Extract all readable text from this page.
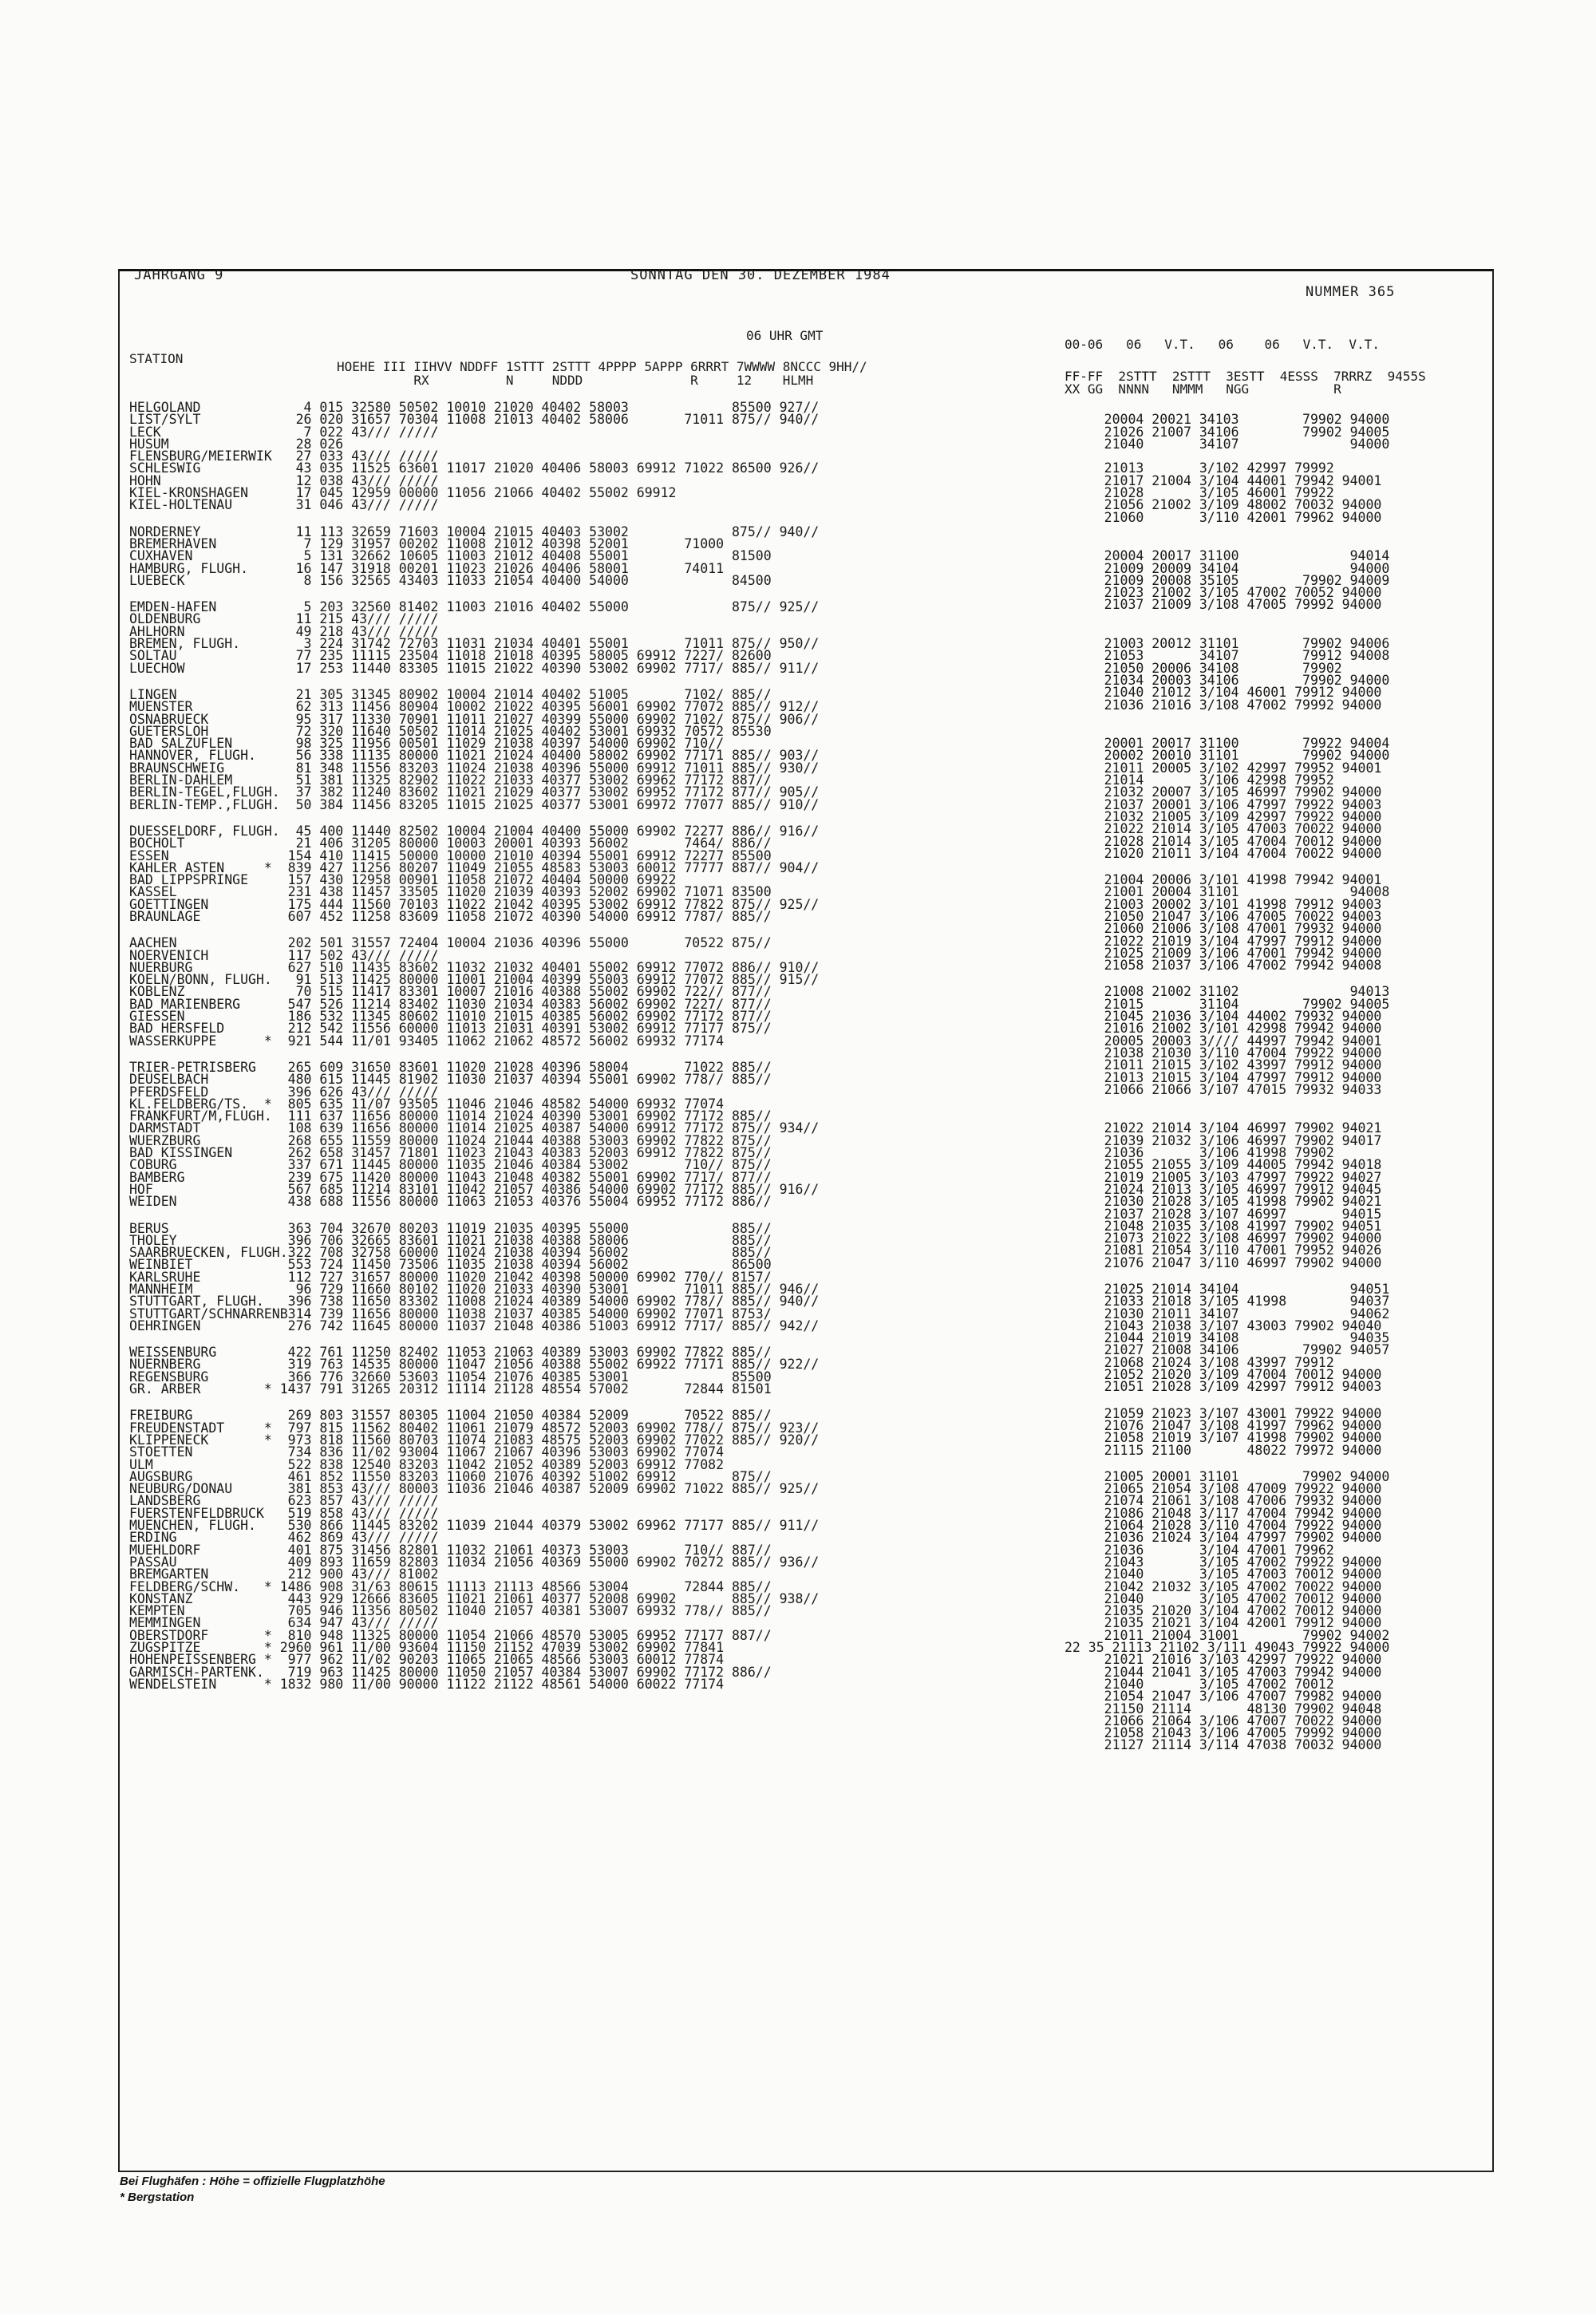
JAHRGANG 9	SONNTAG DEN 30. DEZEMBER 1984
NUMMER 365
06 UHR GMT
STATION
HOEHE III IIHVV NDDFF 1STTT 2STTT 4PPPP 5APPP 6RRRT 7WWWW 8NCCC 9HH//
RX          N     NDDD              R     12    HLMH
00-06   06   V.T.   06    06   V.T.  V.T.
FF-FF  2STTT  2STTT  3ESTT  4ESSS  7RRRZ  9455S
XX GG  NNNN   NMMM   NGG           R
HELGOLAND             4 015 32580 50502 10010 21020 40402 58003             85500 927//
LIST/SYLT            26 020 31657 70304 11008 21013 40402 58006       71011 875// 940//
LECK                  7 022 43/// /////
HUSUM                28 026
FLENSBURG/MEIERWIK   27 033 43/// /////
SCHLESWIG            43 035 11525 63601 11017 21020 40406 58003 69912 71022 86500 926//
HOHN                 12 038 43/// /////
KIEL-KRONSHAGEN      17 045 12959 00000 11056 21066 40402 55002 69912
KIEL-HOLTENAU        31 046 43/// /////
NORDERNEY            11 113 32659 71603 10004 21015 40403 53002             875// 940//
BREMERHAVEN           7 129 31957 00202 11008 21012 40398 52001       71000
CUXHAVEN              5 131 32662 10605 11003 21012 40408 55001             81500
HAMBURG, FLUGH.      16 147 31918 00201 11023 21026 40406 58001       74011
LUEBECK               8 156 32565 43403 11033 21054 40400 54000             84500
EMDEN-HAFEN           5 203 32560 81402 11003 21016 40402 55000             875// 925//
OLDENBURG            11 215 43/// /////
AHLHORN              49 218 43/// /////
BREMEN, FLUGH.        3 224 31742 72703 11031 21034 40401 55001       71011 875// 950//
SOLTAU               77 235 11115 23504 11018 21018 40395 58005 69912 7227/ 82600
LUECHOW              17 253 11440 83305 11015 21022 40390 53002 69902 7717/ 885// 911//
LINGEN               21 305 31345 80902 10004 21014 40402 51005       7102/ 885//
MUENSTER             62 313 11456 80904 10002 21022 40395 56001 69902 77072 885// 912//
OSNABRUECK           95 317 11330 70901 11011 21027 40399 55000 69902 7102/ 875// 906//
GUETERSLOH           72 320 11640 50502 11014 21025 40402 53001 69932 70572 85530
BAD SALZUFLEN        98 325 11956 00501 11029 21038 40397 54000 69902 710//
HANNOVER, FLUGH.     56 338 11135 80000 11021 21024 40400 58002 69902 77171 885// 903//
BRAUNSCHWEIG         81 348 11556 83203 11024 21038 40396 55000 69912 71011 885// 930//
BERLIN-DAHLEM        51 381 11325 82902 11022 21033 40377 53002 69962 77172 887//
BERLIN-TEGEL,FLUGH.  37 382 11240 83602 11021 21029 40377 53002 69952 77172 877// 905//
BERLIN-TEMP.,FLUGH.  50 384 11456 83205 11015 21025 40377 53001 69972 77077 885// 910//
DUESSELDORF, FLUGH.  45 400 11440 82502 10004 21004 40400 55000 69902 72277 886// 916//
BOCHOLT              21 406 31205 80000 10003 20001 40393 56002       7464/ 886//
ESSEN               154 410 11415 50000 10000 21010 40394 55001 69912 72277 85500
KAHLER ASTEN     *  839 427 11256 80207 11049 21055 48583 53003 60012 77777 887// 904//
BAD LIPPSPRINGE     157 430 12958 00901 11058 21072 40404 50000 69922
KASSEL              231 438 11457 33505 11020 21039 40393 52002 69902 71071 83500
GOETTINGEN          175 444 11560 70103 11022 21042 40395 53002 69912 77822 875// 925//
BRAUNLAGE           607 452 11258 83609 11058 21072 40390 54000 69912 7787/ 885//
AACHEN              202 501 31557 72404 10004 21036 40396 55000       70522 875//
NOERVENICH          117 502 43/// /////
NUERBURG            627 510 11435 83602 11032 21032 40401 55002 69912 77072 886// 910//
KOELN/BONN, FLUGH.   91 513 11425 80000 11001 21004 40399 55003 69912 77072 885// 915//
KOBLENZ              70 515 11417 83301 10007 21016 40388 55002 69902 722// 877//
BAD MARIENBERG      547 526 11214 83402 11030 21034 40383 56002 69902 7227/ 877//
GIESSEN             186 532 11345 80602 11010 21015 40385 56002 69902 77172 877//
BAD HERSFELD        212 542 11556 60000 11013 21031 40391 53002 69912 77177 875//
WASSERKUPPE      *  921 544 11/01 93405 11062 21062 48572 56002 69932 77174
TRIER-PETRISBERG    265 609 31650 83601 11020 21028 40396 58004       71022 885//
DEUSELBACH          480 615 11445 81902 11030 21037 40394 55001 69902 778// 885//
PFERDSFELD          396 626 43/// /////
KL.FELDBERG/TS.  *  805 635 11/07 93505 11046 21046 48582 54000 69932 77074
FRANKFURT/M,FLUGH.  111 637 11656 80000 11014 21024 40390 53001 69902 77172 885//
DARMSTADT           108 639 11656 80000 11014 21025 40387 54000 69912 77172 875// 934//
WUERZBURG           268 655 11559 80000 11024 21044 40388 53003 69902 77822 875//
BAD KISSINGEN       262 658 31457 71801 11023 21043 40383 52003 69912 77822 875//
COBURG              337 671 11445 80000 11035 21046 40384 53002       710// 875//
BAMBERG             239 675 11420 80000 11043 21048 40382 55001 69902 7717/ 877//
HOF                 567 685 11214 83101 11042 21057 40386 54000 69902 77172 885// 916//
WEIDEN              438 688 11556 80000 11063 21053 40376 55004 69952 77172 886//
BERUS               363 704 32670 80203 11019 21035 40395 55000             885//
THOLEY              396 706 32665 83601 11021 21038 40388 58006             885//
SAARBRUECKEN, FLUGH.322 708 32758 60000 11024 21038 40394 56002             885//
WEINBIET            553 724 11450 73506 11035 21038 40394 56002             86500
KARLSRUHE           112 727 31657 80000 11020 21042 40398 50000 69902 770// 8157/
MANNHEIM             96 729 11660 80102 11020 21033 40390 53001       71011 885// 946//
STUTTGART, FLUGH.   396 738 11650 83302 11008 21024 40389 54000 69902 778// 885// 940//
STUTTGART/SCHNARRENB314 739 11656 80000 11038 21037 40385 54000 69902 77071 8753/
OEHRINGEN           276 742 11645 80000 11037 21048 40386 51003 69912 7717/ 885// 942//
WEISSENBURG         422 761 11250 82402 11053 21063 40389 53003 69902 77822 885//
NUERNBERG           319 763 14535 80000 11047 21056 40388 55002 69922 77171 885// 922//
REGENSBURG          366 776 32660 53603 11054 21076 40385 53001             85500
GR. ARBER        * 1437 791 31265 20312 11114 21128 48554 57002       72844 81501
FREIBURG            269 803 31557 80305 11004 21050 40384 52009       70522 885//
FREUDENSTADT     *  797 815 11562 80402 11061 21079 48572 52003 69902 778// 875// 923//
KLIPPENECK       *  973 818 11560 80703 11074 21083 48575 52003 69902 77022 885// 920//
STOETTEN            734 836 11/02 93004 11067 21067 40396 53003 69902 77074
ULM                 522 838 12540 83203 11042 21052 40389 52003 69912 77082
AUGSBURG            461 852 11550 83203 11060 21076 40392 51002 69912       875//
NEUBURG/DONAU       381 853 43/// 80003 11036 21046 40387 52009 69902 71022 885// 925//
LANDSBERG           623 857 43/// /////
FUERSTENFELDBRUCK   519 858 43/// /////
MUENCHEN, FLUGH.    530 866 11445 83202 11039 21044 40379 53002 69962 77177 885// 911//
ERDING              462 869 43/// /////
MUEHLDORF           401 875 31456 82801 11032 21061 40373 53003       710// 887//
PASSAU              409 893 11659 82803 11034 21056 40369 55000 69902 70272 885// 936//
BREMGARTEN          212 900 43/// 81002
FELDBERG/SCHW.   * 1486 908 31/63 80615 11113 21113 48566 53004       72844 885//
KONSTANZ            443 929 12666 83605 11021 21061 40377 52008 69902       885// 938//
KEMPTEN             705 946 11356 80502 11040 21057 40381 53007 69932 778// 885//
MEMMINGEN           634 947 43/// /////
OBERSTDORF       *  810 948 11325 80000 11054 21066 48570 53005 69952 77177 887//
ZUGSPITZE        * 2960 961 11/00 93604 11150 21152 47039 53002 69902 77841
HOHENPEISSENBERG *  977 962 11/02 90203 11065 21065 48566 53003 60012 77874
GARMISCH-PARTENK.   719 963 11425 80000 11050 21057 40384 53007 69902 77172 886//
WENDELSTEIN      * 1832 980 11/00 90000 11122 21122 48561 54000 60022 77174
20004 20021 34103        79902 94000
21026 21007 34106        79902 94005
21040       34107              94000
21013       3/102 42997 79992
21017 21004 3/104 44001 79942 94001
21028       3/105 46001 79922
21056 21002 3/109 48002 70032 94000
21060       3/110 42001 79962 94000
20004 20017 31100              94014
21009 20009 34104              94000
21009 20008 35105        79902 94009
21023 21002 3/105 47002 70052 94000
21037 21009 3/108 47005 79992 94000
21003 20012 31101        79902 94006
21053       34107        79912 94008
21050 20006 34108        79902
21034 20003 34106        79902 94000
21040 21012 3/104 46001 79912 94000
21036 21016 3/108 47002 79992 94000
20001 20017 31100        79922 94004
20002 20010 31101        79902 94000
21011 20005 3/102 42997 79952 94001
21014       3/106 42998 79952
21032 20007 3/105 46997 79902 94000
21037 20001 3/106 47997 79922 94003
21032 21005 3/109 42997 79922 94000
21022 21014 3/105 47003 70022 94000
21028 21014 3/105 47004 70012 94000
21020 21011 3/104 47004 70022 94000
21004 20006 3/101 41998 79942 94001
21001 20004 31101              94008
21003 20002 3/101 41998 79912 94003
21050 21047 3/106 47005 70022 94003
21060 21006 3/108 47001 79932 94000
21022 21019 3/104 47997 79912 94000
21025 21009 3/106 47001 79942 94000
21058 21037 3/106 47002 79942 94008
21008 21002 31102              94013
21015       31104        79902 94005
21045 21036 3/104 44002 79932 94000
21016 21002 3/101 42998 79942 94000
20005 20003 3//// 44997 79942 94001
21038 21030 3/110 47004 79922 94000
21011 21015 3/102 43997 79912 94000
21013 21015 3/104 47997 79912 94000
21066 21066 3/107 47015 79932 94033
21022 21014 3/104 46997 79902 94021
21039 21032 3/106 46997 79902 94017
21036       3/106 41998 79902
21055 21055 3/109 44005 79942 94018
21019 21005 3/103 47997 79922 94027
21024 21013 3/105 46997 79912 94045
21030 21028 3/105 41998 79902 94021
21037 21028 3/107 46997       94015
21048 21035 3/108 41997 79902 94051
21073 21022 3/108 46997 79902 94000
21081 21054 3/110 47001 79952 94026
21076 21047 3/110 46997 79902 94000
21025 21014 34104              94051
21033 21018 3/105 41998        94037
21030 21011 34107              94062
21043 21038 3/107 43003 79902 94040
21044 21019 34108              94035
21027 21008 34106        79902 94057
21068 21024 3/108 43997 79912
21052 21020 3/109 47004 70012 94000
21051 21028 3/109 42997 79912 94003
21059 21023 3/107 43001 79922 94000
21076 21047 3/108 41997 79962 94000
21058 21019 3/107 41998 79902 94000
21115 21100       48022 79972 94000
21005 20001 31101        79902 94000
21065 21054 3/108 47009 79922 94000
21074 21061 3/108 47006 79932 94000
21086 21048 3/117 47004 79942 94000
21064 21028 3/110 47004 79922 94000
21036 21024 3/104 47997 79902 94000
21036       3/104 47001 79962
21043       3/105 47002 79922 94000
21040       3/105 47003 70012 94000
21042 21032 3/105 47002 70022 94000
21040       3/105 47002 70012 94000
21035 21020 3/104 47002 70012 94000
21035 21021 3/104 42001 79912 94000
21011 21004 31001        79902 94002
22 35 21113 21102 3/111 49043 79922 94000
21021 21016 3/103 42997 79922 94000
21044 21041 3/105 47003 79942 94000
21040       3/105 47002 70012
21054 21047 3/106 47007 79982 94000
21150 21114       48130 79902 94048
21066 21064 3/106 47007 70022 94000
21058 21043 3/106 47005 79992 94000
21127 21114 3/114 47038 70032 94000
Bei Flughäfen : Höhe = offizielle Flugplatzhöhe
* Bergstation
